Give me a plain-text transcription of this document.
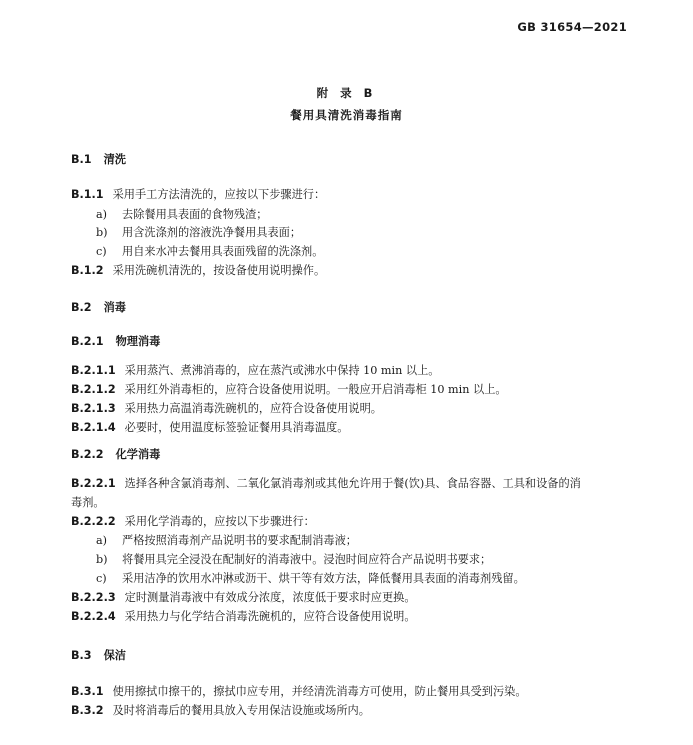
GB 31654—2021
附 录 B
餐用具清洗消毒指南
B.1 清洗
B.1.1 采用手工方法清洗的，应按以下步骤进行：
a) 去除餐用具表面的食物残渣；
b) 用含洗涤剂的溶液洗净餐用具表面；
c) 用自来水冲去餐用具表面残留的洗涤剂。
B.1.2 采用洗碗机清洗的，按设备使用说明操作。
B.2 消毒
B.2.1 物理消毒
B.2.1.1 采用蒸汽、煮沸消毒的，应在蒸汽或沸水中保持 10 min 以上。
B.2.1.2 采用红外消毒柜的，应符合设备使用说明。一般应开启消毒柜 10 min 以上。
B.2.1.3 采用热力高温消毒洗碗机的，应符合设备使用说明。
B.2.1.4 必要时，使用温度标签验证餐用具消毒温度。
B.2.2 化学消毒
B.2.2.1 选择各种含氯消毒剂、二氧化氯消毒剂或其他允许用于餐(饮)具、食品容器、工具和设备的消
毒剂。
B.2.2.2 采用化学消毒的，应按以下步骤进行：
a) 严格按照消毒剂产品说明书的要求配制消毒液；
b) 将餐用具完全浸没在配制好的消毒液中。浸泡时间应符合产品说明书要求；
c) 采用洁净的饮用水冲淋或沥干、烘干等有效方法，降低餐用具表面的消毒剂残留。
B.2.2.3 定时测量消毒液中有效成分浓度，浓度低于要求时应更换。
B.2.2.4 采用热力与化学结合消毒洗碗机的，应符合设备使用说明。
B.3 保洁
B.3.1 使用擦拭巾擦干的，擦拭巾应专用，并经清洗消毒方可使用，防止餐用具受到污染。
B.3.2 及时将消毒后的餐用具放入专用保洁设施或场所内。
